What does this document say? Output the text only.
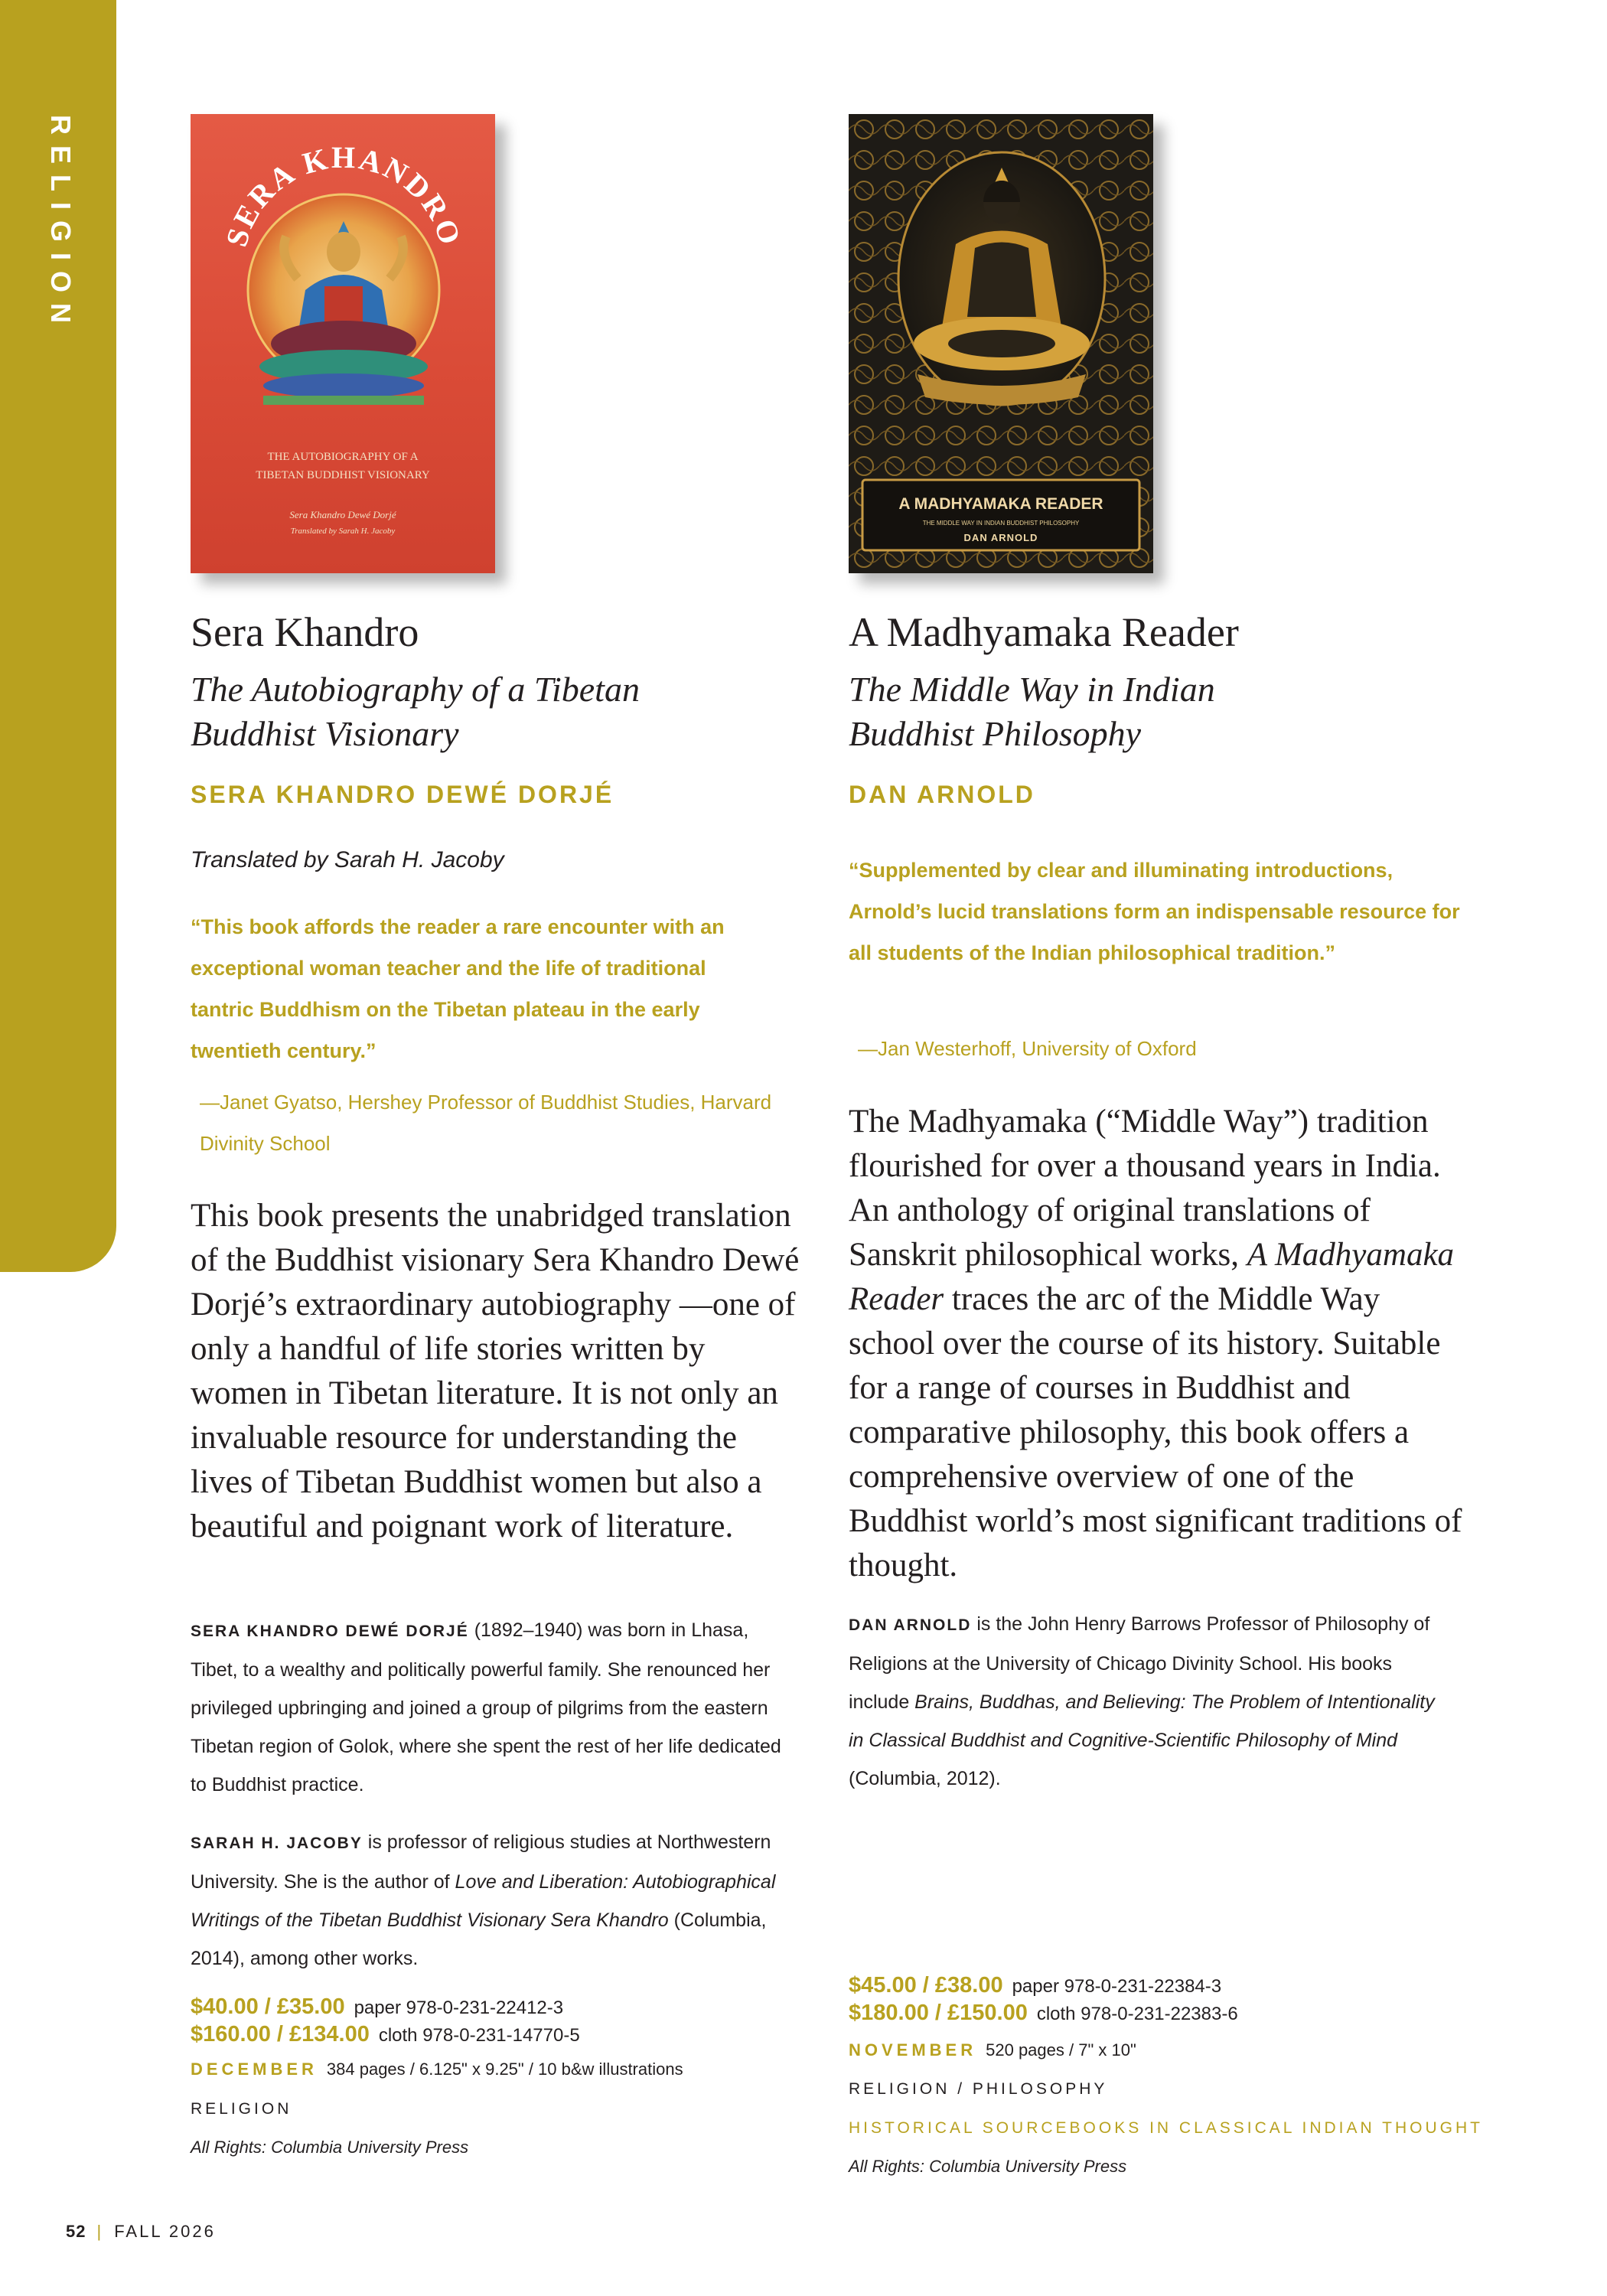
RELIGION	SERA KHANDRO
THE AUTOBIOGRAPHY OF A
TIBETAN BUDDHIST VISIONARY
Sera Khandro Dewé Dorjé
Translated by Sarah H. Jacoby
Sera Khandro
The Autobiography of a Tibetan Buddhist Visionary
SERA KHANDRO DEWÉ DORJÉ
Translated by Sarah H. Jacoby
“This book affords the reader a rare encounter with an exceptional woman teacher and the life of traditional tantric Buddhism on the Tibetan plateau in the early twentieth century.”
—Janet Gyatso, Hershey Professor of Buddhist Studies, Harvard Divinity School
This book presents the unabridged translation of the Buddhist visionary Sera Khandro Dewé Dorjé’s extraordinary autobiography —one of only a handful of life stories written by women in Tibetan literature. It is not only an invaluable resource for understanding the lives of Tibetan Buddhist women but also a beautiful and poignant work of literature.
SERA KHANDRO DEWÉ DORJÉ (1892–1940) was born in Lhasa, Tibet, to a wealthy and politically powerful family. She renounced her privileged upbringing and joined a group of pilgrims from the eastern Tibetan region of Golok, where she spent the rest of her life dedicated to Buddhist practice.
SARAH H. JACOBY is professor of religious studies at Northwestern University. She is the author of Love and Liberation: Autobiographical Writings of the Tibetan Buddhist Visionary Sera Khandro (Columbia, 2014), among other works.
$40.00 / £35.00 paper 978-0-231-22412-3
$160.00 / £134.00 cloth 978-0-231-14770-5
DECEMBER 384 pages / 6.125" x 9.25" / 10 b&w illustrations
RELIGION
All Rights: Columbia University Press
A MADHYAMAKA READER
THE MIDDLE WAY IN INDIAN BUDDHIST PHILOSOPHY
DAN ARNOLD
A Madhyamaka Reader
The Middle Way in Indian Buddhist Philosophy
DAN ARNOLD
“Supplemented by clear and illuminating introductions, Arnold’s lucid translations form an indispensable resource for all students of the Indian philosophical tradition.”
—Jan Westerhoff, University of Oxford
The Madhyamaka (“Middle Way”) tradition flourished for over a thousand years in India. An anthology of original translations of Sanskrit philosophical works, A Madhyamaka Reader traces the arc of the Middle Way school over the course of its history. Suitable for a range of courses in Buddhist and comparative philosophy, this book offers a comprehensive overview of one of the Buddhist world’s most significant traditions of thought.
DAN ARNOLD is the John Henry Barrows Professor of Philosophy of Religions at the University of Chicago Divinity School. His books include Brains, Buddhas, and Believing: The Problem of Intentionality in Classical Buddhist and Cognitive-Scientific Philosophy of Mind (Columbia, 2012).
$45.00 / £38.00 paper 978-0-231-22384-3
$180.00 / £150.00 cloth 978-0-231-22383-6
NOVEMBER 520 pages / 7" x 10"
RELIGION / PHILOSOPHY
HISTORICAL SOURCEBOOKS IN CLASSICAL INDIAN THOUGHT
All Rights: Columbia University Press
52 | FALL 2026
